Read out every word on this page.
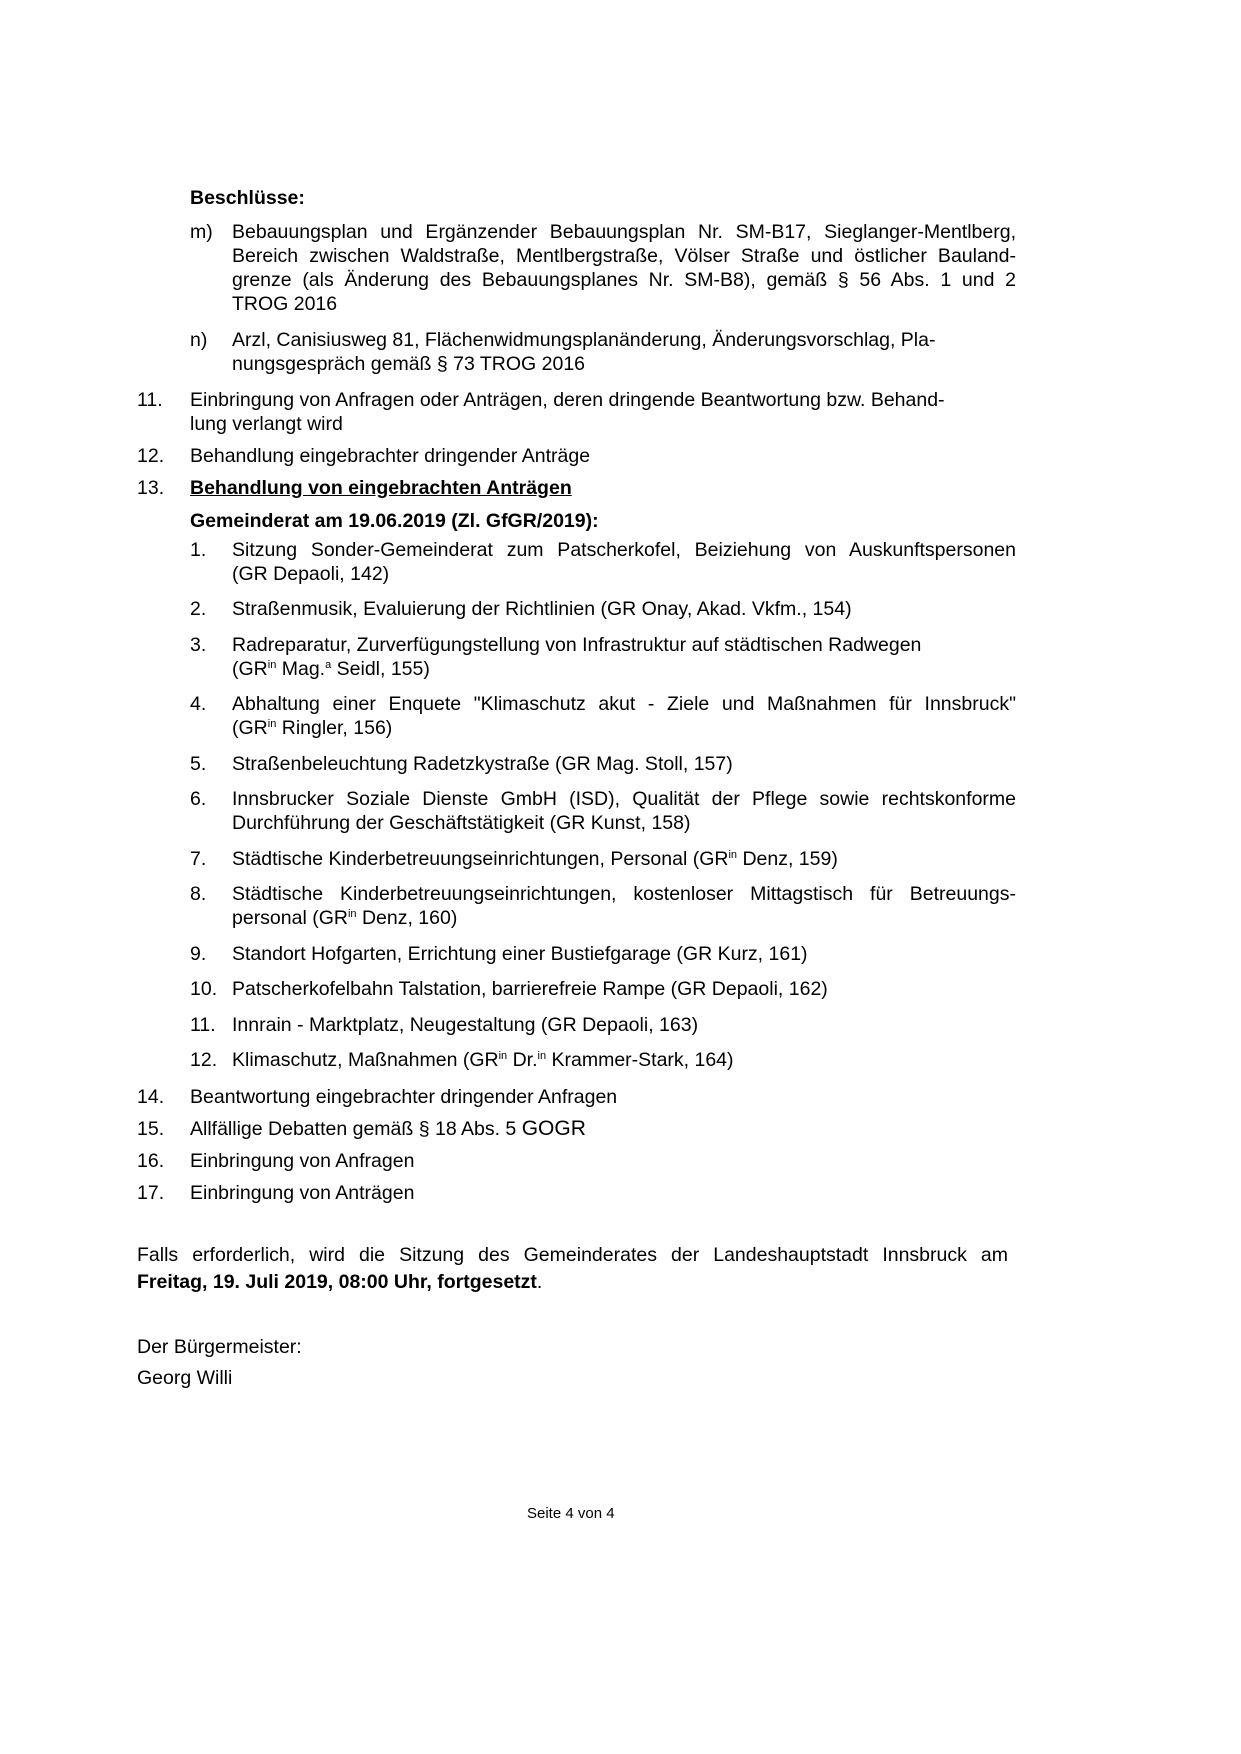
Beschlüsse:
m) Bebauungsplan und Ergänzender Bebauungsplan Nr. SM-B17, Sieglanger-Mentlberg,
Bereich zwischen Waldstraße, Mentlbergstraße, Völser Straße und östlicher Bauland-
grenze (als Änderung des Bebauungsplanes Nr. SM-B8), gemäß § 56 Abs. 1 und 2
TROG 2016
n) Arzl, Canisiusweg 81, Flächenwidmungsplanänderung, Änderungsvorschlag, Pla-
nungsgespräch gemäß § 73 TROG 2016
11. Einbringung von Anfragen oder Anträgen, deren dringende Beantwortung bzw. Behand-
lung verlangt wird
12. Behandlung eingebrachter dringender Anträge
13. Behandlung von eingebrachten Anträgen
Gemeinderat am 19.06.2019 (Zl. GfGR/2019):
1. Sitzung Sonder-Gemeinderat zum Patscherkofel, Beiziehung von Auskunftspersonen
(GR Depaoli, 142)
2. Straßenmusik, Evaluierung der Richtlinien (GR Onay, Akad. Vkfm., 154)
3. Radreparatur, Zurverfügungstellung von Infrastruktur auf städtischen Radwegen
($GR^{in}$ Mag.$^a$ Seidl, 155)
4. Abhaltung einer Enquete "Klimaschutz akut - Ziele und Maßnahmen für Innsbruck"
($GR^{in}$ Ringler, 156)
5. Straßenbeleuchtung Radetzkystraße (GR Mag. Stoll, 157)
6. Innsbrucker Soziale Dienste GmbH (ISD), Qualität der Pflege sowie rechtskonforme
Durchführung der Geschäftstätigkeit (GR Kunst, 158)
7. Städtische Kinderbetreuungseinrichtungen, Personal ($GR^{in}$ Denz, 159)
8. Städtische Kinderbetreuungseinrichtungen, kostenloser Mittagstisch für Betreuungs-
personal ($GR^{in}$ Denz, 160)
9. Standort Hofgarten, Errichtung einer Bustiefgarage (GR Kurz, 161)
10. Patscherkofelbahn Talstation, barrierefreie Rampe (GR Depaoli, 162)
11. Innrain - Marktplatz, Neugestaltung (GR Depaoli, 163)
12. Klimaschutz, Maßnahmen ($GR^{in}$ Dr.$^{in}$ Krammer-Stark, 164)
14. Beantwortung eingebrachter dringender Anfragen
15. Allfällige Debatten gemäß § 18 Abs. 5 GOGR
16. Einbringung von Anfragen
17. Einbringung von Anträgen
Falls erforderlich, wird die Sitzung des Gemeinderates der Landeshauptstadt Innsbruck am
Freitag, 19. Juli 2019, 08:00 Uhr, fortgesetzt.
Der Bürgermeister:
Georg Willi
Seite 4 von 4
